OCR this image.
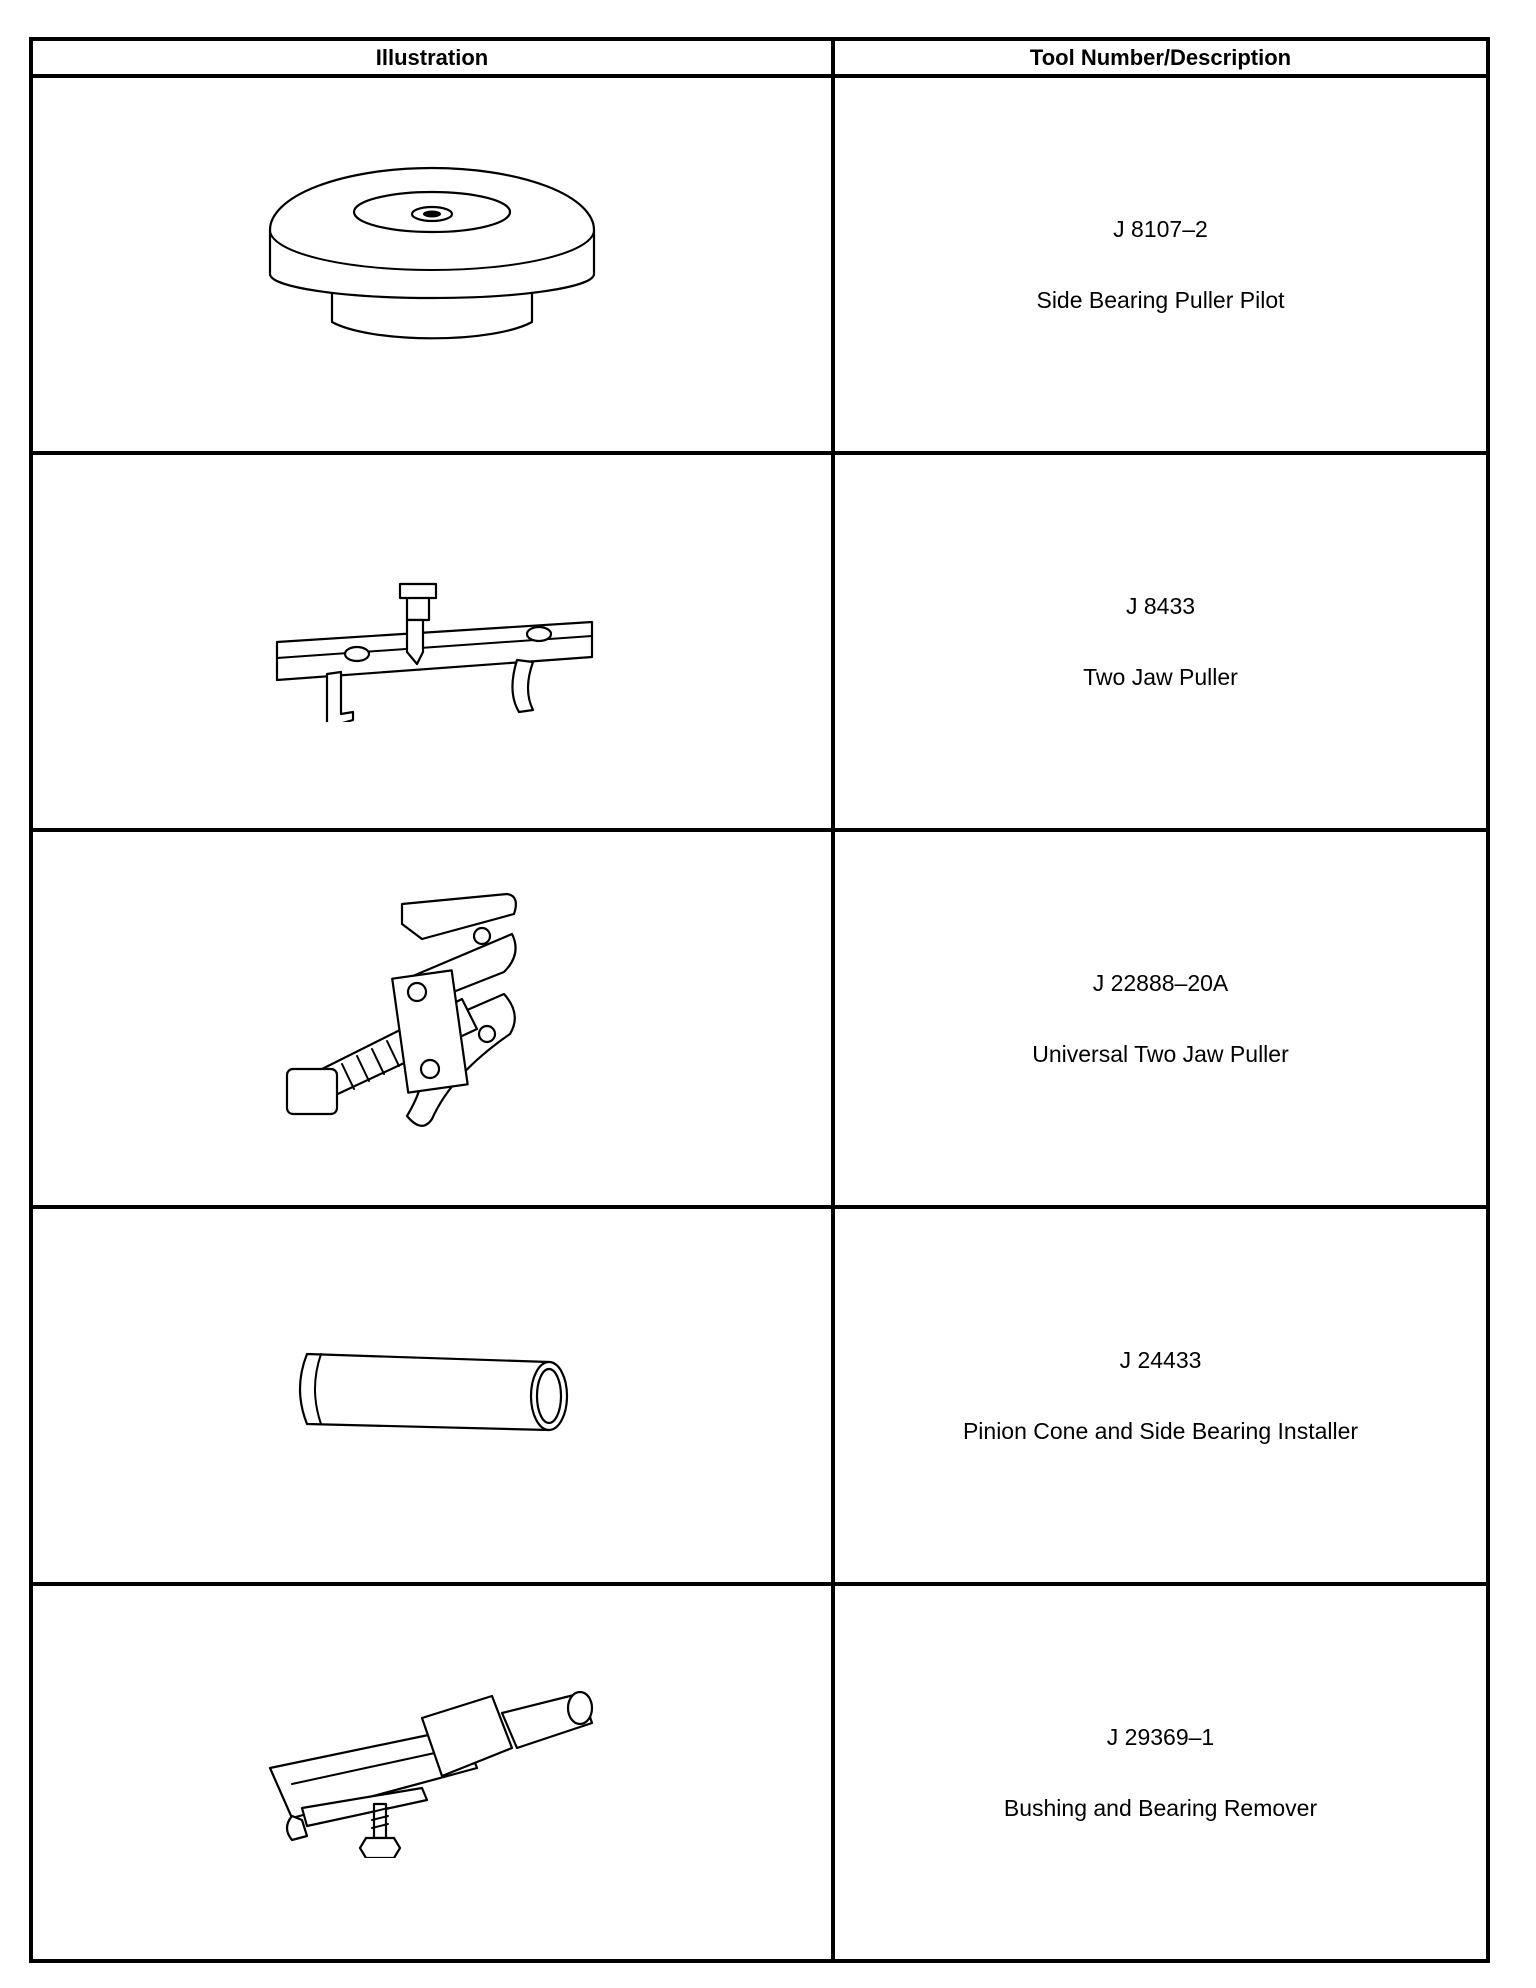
Illustration	Tool Number/Description

J 8107–2
Side Bearing Puller Pilot

J 8433
Two Jaw Puller

J 22888–20A
Universal Two Jaw Puller

J 24433
Pinion Cone and Side Bearing Installer

J 29369–1
Bushing and Bearing Remover
